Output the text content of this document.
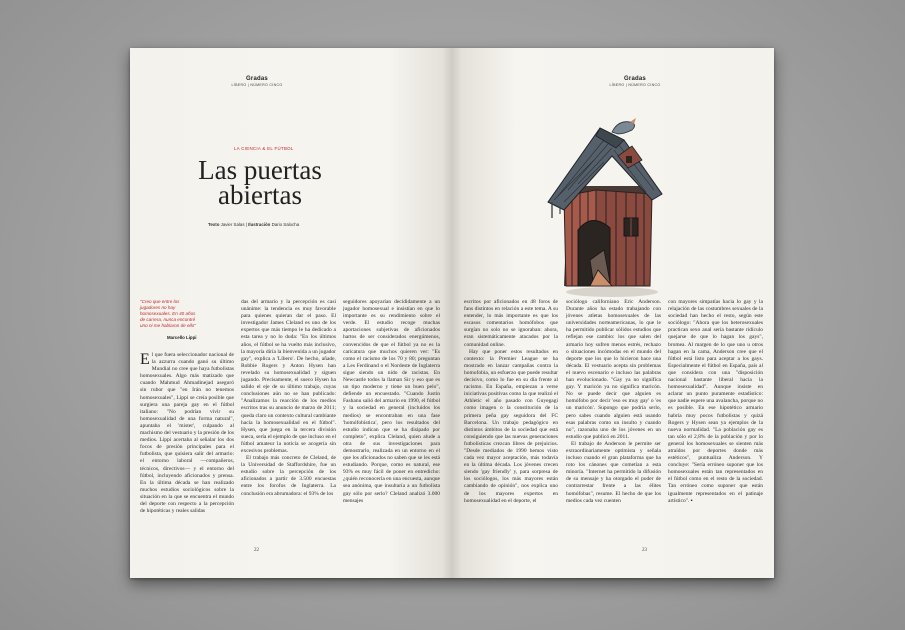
Gradas
LÍBERO | NÚMERO CINCO
LA CIENCIA & EL FÚTBOL
Las puertas
abiertas
Texto Javier Salas | Ilustración Dario Salocha
"Creo que entre los jugadores no hay homosexuales. En 40 años de carrera, nunca encontré uno ni me hablaron de ello"
Marcello Lippi

El que fuera seleccionador nacional de la azzurra cuando ganó su último Mundial no cree que haya futbolistas homosexuales. Algo más matizado que cuando Mahmud Ahmadinejad aseguró sin rubor que "en Irán no tenemos homosexuales", Lippi se creía posible que surgiera una pareja gay en el fútbol italiano: "No podrían vivir su homosexualidad de una forma natural", apuntaba el 'mister', culpando al machismo del vestuario y la presión de los medios. Lippi acertaba al señalar los dos focos de presión principales para el futbolista, que quisiera salir del armario: el entorno laboral —compañeros, técnicos, directivos— y el entorno del fútbol, incluyendo aficionados y prensa. En la última década se han realizado muchos estudios sociológicos sobre la situación en la que se encuentra el mundo del deporte con respecto a la percepción de hipotéticas y reales salidas

das del armario y la percepción es casi unánime: la tendencia es muy favorable para quienes quieran dar el paso. El investigador James Cleland es uno de los expertos que más tiempo le ha dedicado a esta tarea y no lo duda: "En los últimos años, el fútbol se ha vuelto más inclusivo, la mayoría diría la bienvenida a un jugador gay", explica a 'Líbero'. De hecho, añade, Robbie Rogers y Anton Hysen han revelado su homosexualidad y siguen jugando. Precisamente, el sueco Hysen ha salido el eje de su último trabajo, cuyas conclusiones aún no se han publicado: "Analizamos la reacción de los medios escritos tras su anuncio de marzo de 2011; queda claro un contexto cultural cambiante hacia la homosexualidad en el fútbol". Hysen, que juega en la tercera división sueca, sería el ejemplo de que incluso en el fútbol amateur la noticia se acogería sin excesivos problemas.

El trabajo más concreto de Cleland, de la Universidad de Staffordshire, fue un estudio sobre la percepción de los aficionados a partir de 3.500 encuestas entre los forofos de Inglaterra. La conclusión era abrumadora: el 93% de los

seguidores apoyarían decididamente a un jugador homosexual e insistían en que lo importante es su rendimiento sobre el verde. El estudio recoge muchas aportaciones subjetivas de aficionados hartos de ser considerados energúmenos, convencidos de que el fútbol ya no es la caricatura que muchos quieren ver: "Es como el racismo de los 70 y 80; preguntan a Les Ferdinand o el Nordeste de Inglaterra sigue siendo un nido de racistas. En Newcastle todos la llaman Sir y eso que es un tipo moderno y tiene un buen pelo", defiende un encuestado. "Cuando Justin Fashanu salió del armario en 1990, el fútbol y la sociedad en general (incluidos los medios) se encontraban en una fase 'homófobística', pero los resultados del estudio indican que se ha disipado por completo", explica Cleland, quien alude a otra de sus investigaciones para demostrarlo, realizada en un entorno en el que los aficionados no saben que se les está estudiando. Porque, como es natural, ese 93% es muy fácil de poner en entredicho: ¿quién reconocería en una encuesta, aunque sea anónima, que insultaría a un futbolista gay sólo por serlo? Cleland analizó 3.000 mensajes

22
Gradas
LÍBERO | NÚMERO CINCO

escritos por aficionados en 48 foros de fans distintos en relación a este tema. A su entender, lo más importante es que los escasos comentarios homófobos que surgían no solo no se ignoraban: ahora, eran sistemáticamente atacados por la comunidad online.

Hay que poner estos resultados en contexto: la Premier League se ha mostrado en lanzar campañas contra la homofobia, un esfuerzo que puede resultar decisivo, como lo fue en su día frente al racismo. En España, empiezan a verse iniciativas positivas como la que realizó el Athletic el año pasado con Guyegagi como imagen o la constitución de la primera peña gay seguidora del FC Barcelona. Un trabajo pedagógico en distintos ámbitos de la sociedad que está consiguiendo que las nuevas generaciones futbolísticas crezcan libres de prejuicios. "Desde mediados de 1990 hemos visto cada vez mayor aceptación, más todavía en la última década. Los jóvenes crecen siendo 'gay friendly' y, para sorpresa de los sociólogos, los más mayores están cambiando de opinión", nos explica uno de los mayores expertos en homosexualidad en el deporte, el

sociólogo californiano Eric Anderson. Durante años ha estado trabajando con jóvenes atletas homosexuales de las universidades norteamericanas, lo que le ha permitido publicar sólidos estudios que reflejan ese cambio: los que salen del armario hoy sufren menos estrés, rechazo o situaciones incómodas en el mundo del deporte que los que lo hicieron hace una década. El vestuario acepta sin problemas el nuevo escenario e incluso las palabras han evolucionado. "Gay ya no significa gay. Y maricón ya no significa maricón. No se puede decir que alguien es homófobo por decir 'eso es muy gay' o 'es un maricón'. Supongo que podría serlo, pero sabes cuando alguien está usando esas palabras como un insulto y cuando no", razonaba uno de los jóvenes en un estudio que publicó en 2011.

El trabajo de Anderson le permite ser extraordinariamente optimista y señala incluso cuando el gran plataforma que ha roto los cánones que cometían a esta minoría. "Internet ha permitido la difusión de su mensaje y ha otorgado el poder de contrarrestar frente a las élites homófobas", resume. El hecho de que los medios cada vez cuenten

con mayores simpatías hacia lo gay y la relajación de las costumbres sexuales de la sociedad han hecho el resto, según este sociólogo: "Ahora que los heterosexuales practican sexo anal sería bastante ridículo quejarse de que lo hagan los gays", bromea. Al margen de lo que uno u otros hagan en la cama, Anderson cree que el fútbol está listo para aceptar a los gays. Especialmente el fútbol en España, país al que considera con una "disposición nacional bastante liberal hacia la homosexualidad". Aunque insiste en aclarar un punto puramente estadístico: que nadie espere una avalancha, porque no es posible. En ese hipotético armario habría muy pocos futbolistas y quizá Rogers y Hysen sean ya ejemplos de la nueva normalidad. "La población gay es tan sólo el 2,8% de la población y por lo general los homosexuales se sienten más atraídos por deportes donde más estéticos", puntualiza Anderson. Y concluye: "Sería erróneo suponer que los homosexuales están tan representados en el fútbol como en el resto de la sociedad. Tan erróneo como suponer que están igualmente representados en el patinaje artístico". ▪

23
